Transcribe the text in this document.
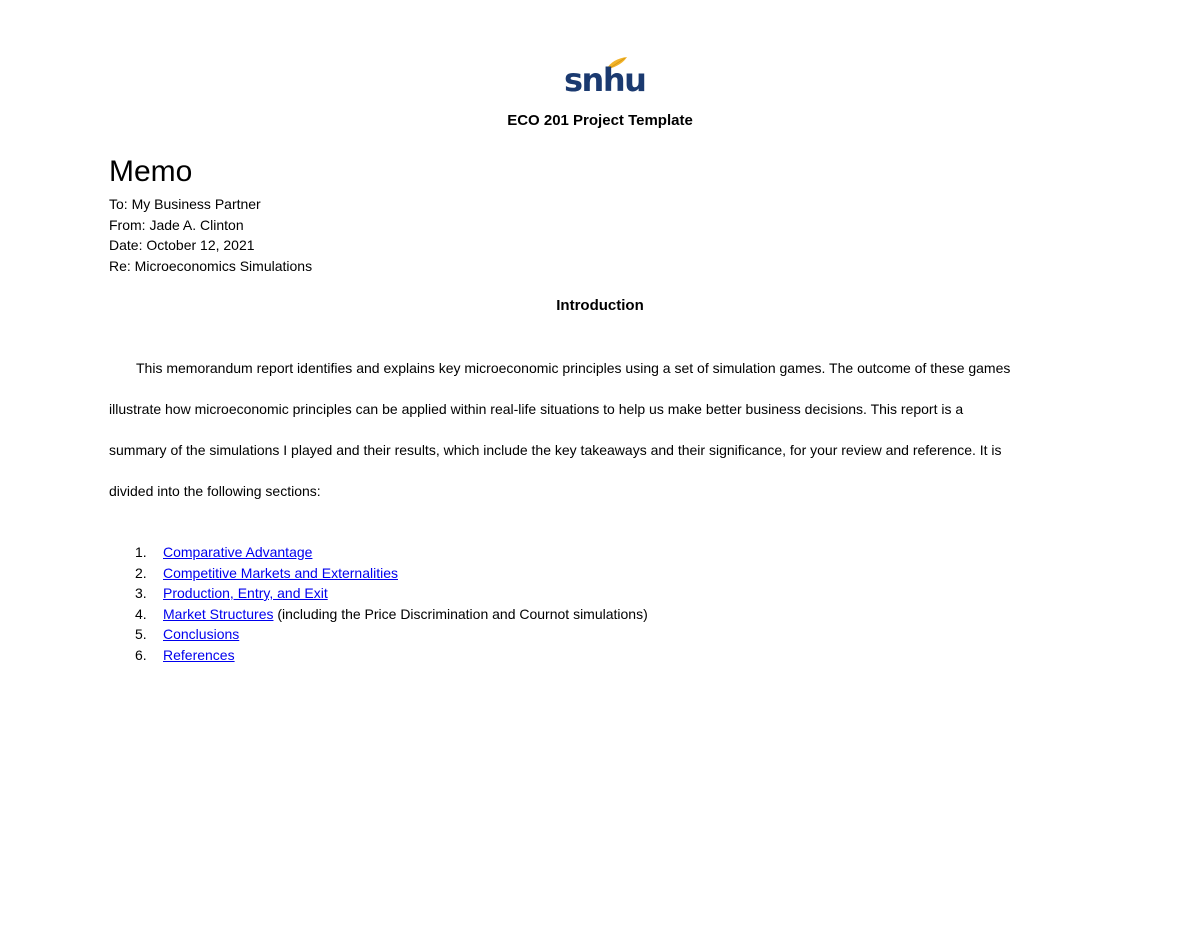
snhu
ECO 201 Project Template
Memo
To: My Business Partner
From: Jade A. Clinton
Date: October 12, 2021
Re: Microeconomics Simulations
Introduction
This memorandum report identifies and explains key microeconomic principles using a set of simulation games. The outcome of these games
illustrate how microeconomic principles can be applied within real-life situations to help us make better business decisions. This report is a
summary of the simulations I played and their results, which include the key takeaways and their significance, for your review and reference. It is
divided into the following sections:
1.	Comparative Advantage
2.	Competitive Markets and Externalities
3.	Production, Entry, and Exit
4.	Market Structures (including the Price Discrimination and Cournot simulations)
5.	Conclusions
6.	References
